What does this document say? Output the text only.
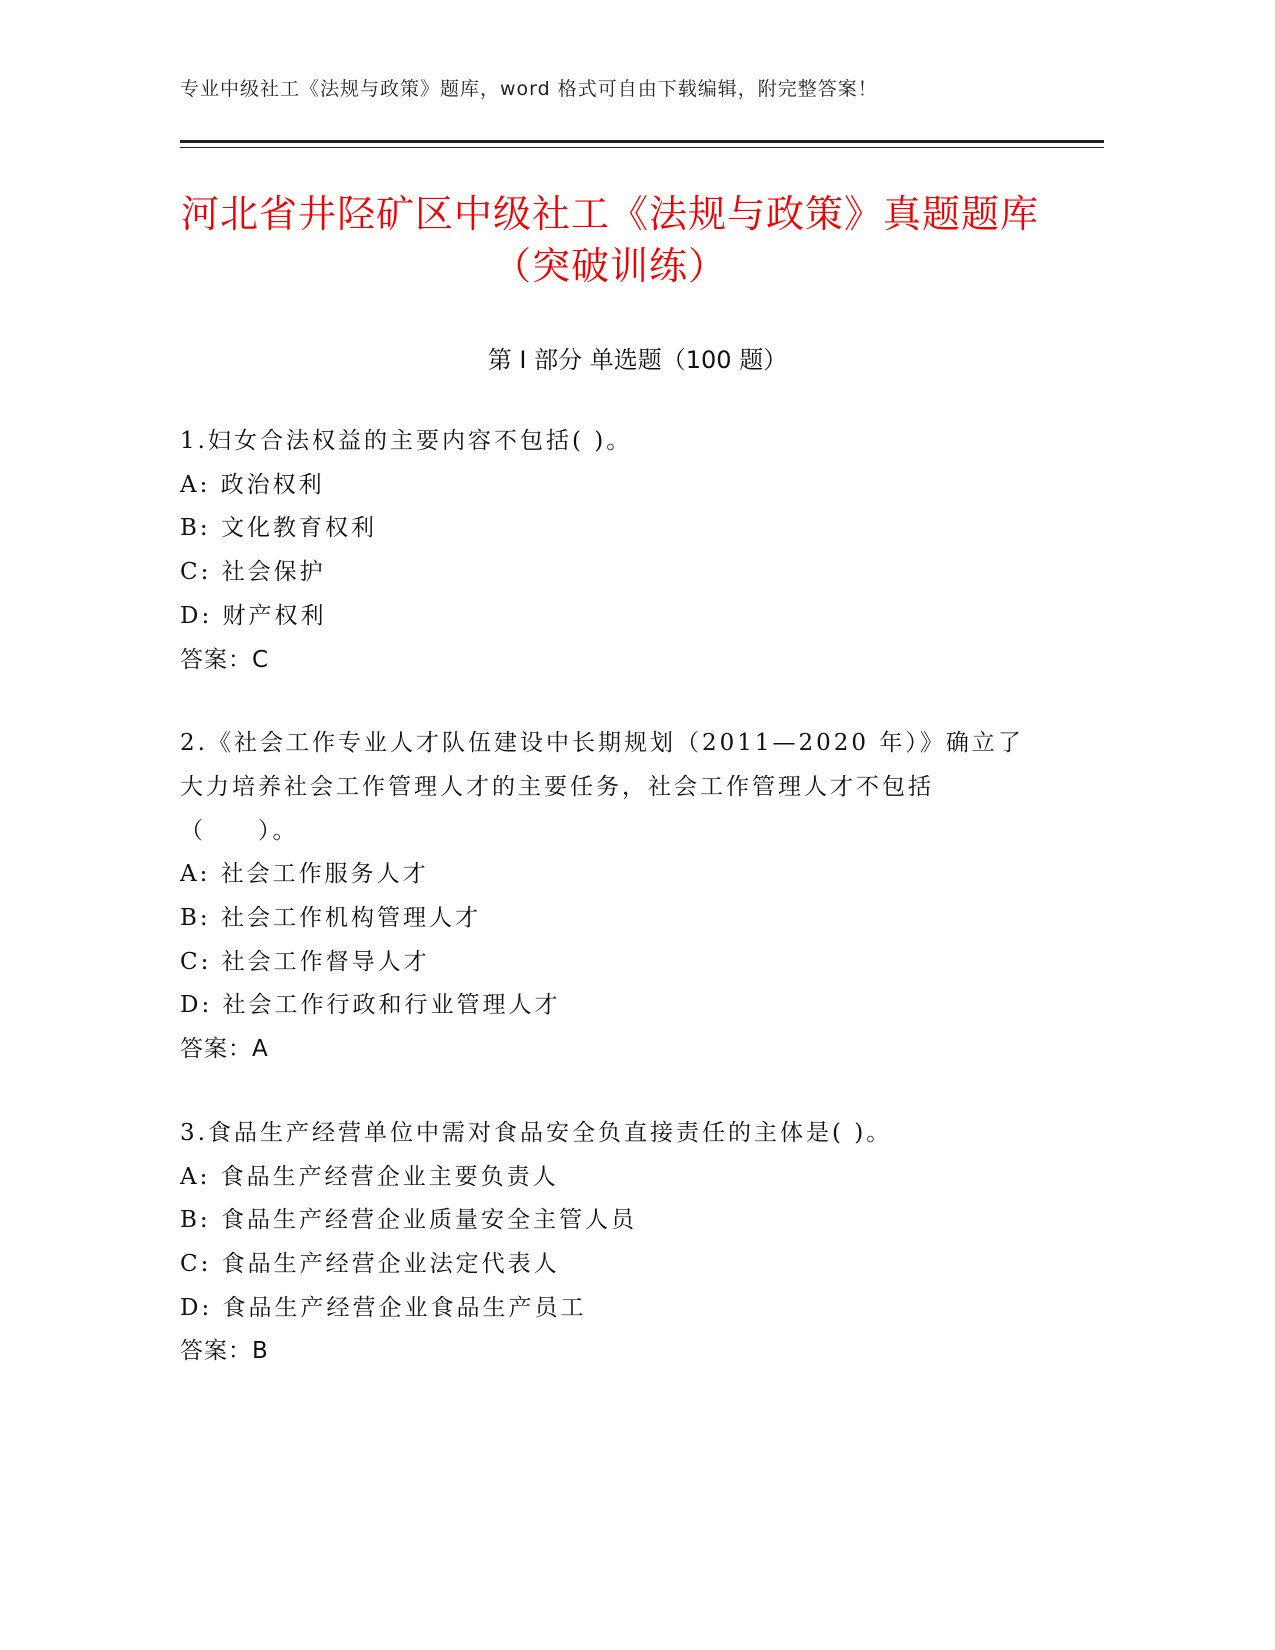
专业中级社工《法规与政策》题库，word 格式可自由下载编辑，附完整答案！
河北省井陉矿区中级社工《法规与政策》真题题库（突破训练）
第 I 部分 单选题（100 题）
1.妇女合法权益的主要内容不包括( )。
A: 政治权利
B: 文化教育权利
C: 社会保护
D: 财产权利
答案：C
2.《社会工作专业人才队伍建设中长期规划（2011—2020 年）》确立了大力培养社会工作管理人才的主要任务，社会工作管理人才不包括（　　）。
A: 社会工作服务人才
B: 社会工作机构管理人才
C: 社会工作督导人才
D: 社会工作行政和行业管理人才
答案：A
3.食品生产经营单位中需对食品安全负直接责任的主体是( )。
A: 食品生产经营企业主要负责人
B: 食品生产经营企业质量安全主管人员
C: 食品生产经营企业法定代表人
D: 食品生产经营企业食品生产员工
答案：B
